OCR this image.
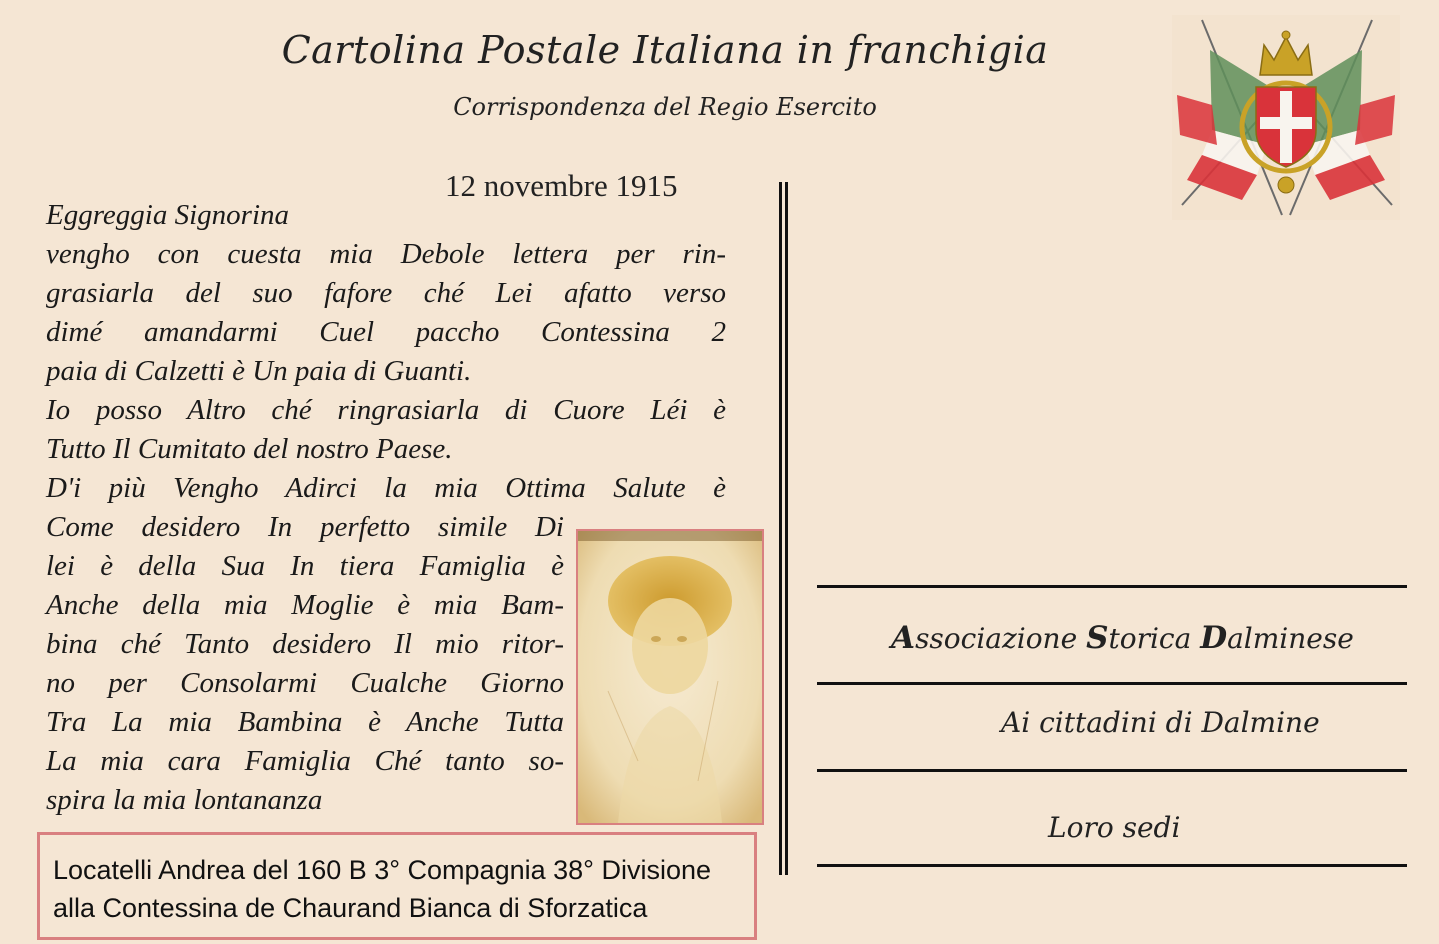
Cartolina Postale Italiana in franchigia
Corrispondenza del Regio Esercito
12 novembre 1915
Eggreggia Signorina
vengho con cuesta mia Debole lettera per rin-
grasiarla del suo fafore ché Lei afatto verso
dimé amandarmi Cuel paccho Contessina 2
paia di Calzetti è Un paia di Guanti.
Io posso Altro ché ringrasiarla di Cuore Léi è
Tutto Il Cumitato del nostro Paese.
D'i più Vengho Adirci la mia Ottima Salute è
Come desidero In perfetto simile Di
lei è della Sua In tiera Famiglia è
Anche della mia Moglie è mia Bam-
bina ché Tanto desidero Il mio ritor-
no per Consolarmi Cualche Giorno
Tra La mia Bambina è Anche Tutta
La mia cara Famiglia Ché tanto so-
spira la mia lontananza
Associazione Storica Dalminese
Ai cittadini di Dalmine
Loro sedi
Locatelli Andrea del 160 B 3° Compagnia 38° Divisione
alla Contessina de Chaurand Bianca di Sforzatica
